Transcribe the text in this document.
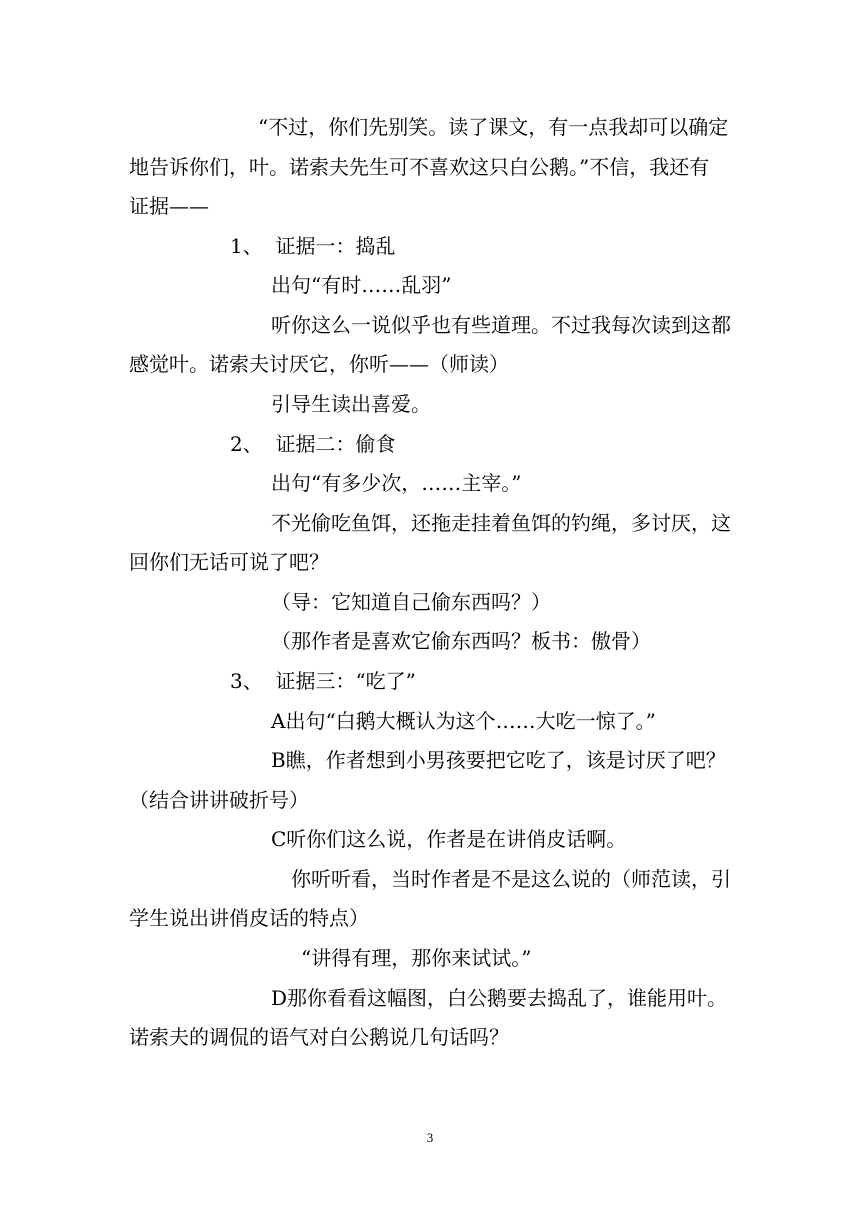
“不过，你们先别笑。读了课文，有一点我却可以确定
地告诉你们，叶。诺索夫先生可不喜欢这只白公鹅。”不信，我还有
证据——
1、  证据一：捣乱
出句“有时……乱羽”
听你这么一说似乎也有些道理。不过我每次读到这都
感觉叶。诺索夫讨厌它，你听——（师读）
引导生读出喜爱。
2、  证据二：偷食
出句“有多少次，……主宰。”
不光偷吃鱼饵，还拖走挂着鱼饵的钓绳，多讨厌，这
回你们无话可说了吧？
（导：它知道自己偷东西吗？）
（那作者是喜欢它偷东西吗？板书：傲骨）
3、  证据三：“吃了”
A出句“白鹅大概认为这个……大吃一惊了。”
B瞧，作者想到小男孩要把它吃了，该是讨厌了吧？
（结合讲讲破折号）
C听你们这么说，作者是在讲俏皮话啊。
你听听看，当时作者是不是这么说的（师范读，引
学生说出讲俏皮话的特点）
“讲得有理，那你来试试。”
D那你看看这幅图，白公鹅要去捣乱了，谁能用叶。
诺索夫的调侃的语气对白公鹅说几句话吗？
3
